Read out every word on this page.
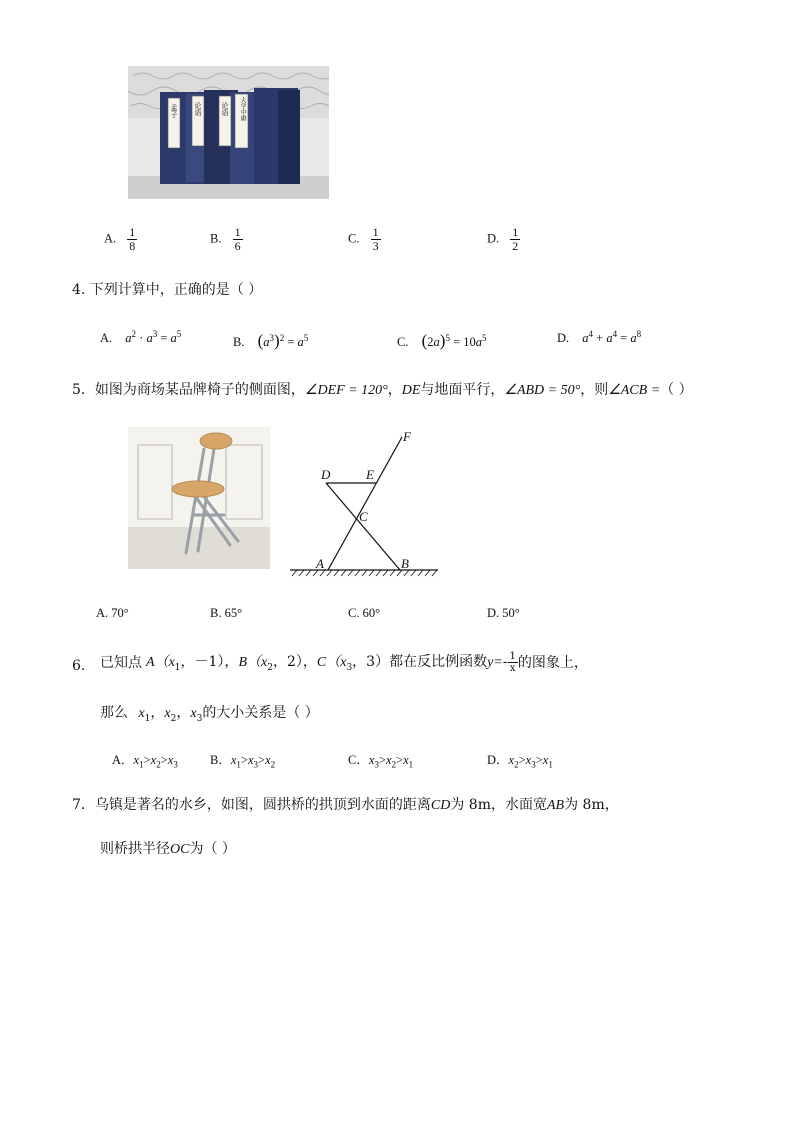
孟子 论语	论语	大学中庸
A. $\frac{1}{8}$	B. $\frac{1}{6}$	C. $\frac{1}{3}$	D. $\frac{1}{2}$
4. 下列计算中，正确的是（ ）
A. $a^2 \cdot a^3 = a^5$
B. $(a^3)^2 = a^5$	C. $(2a)^5 = 10a^5$	D. $a^4 + a^4 = a^8$
5．如图为商场某品牌椅子的侧面图，∠DEF = 120°，DE与地面平行，∠ABD = 50°，则∠ACB =（ ）
F
D	E
C
A	B
A. 70°	B. 65°	C. 60°	D. 50°
6. 已知点 $A(x_1$，－1），$B(x_2$，2），$C(x_3$，3）都在反比例函数$y=- \frac{1}{x}$ 的图象上，
那么 $x_1$，$x_2$，$x_3$的大小关系是（ ）
A．$x_1>x_2>x_3$	B．$x_1>x_3>x_2$	C．$x_3>x_2>x_1$	D．$x_2>x_3>x_1$
7．乌镇是著名的水乡，如图，圆拱桥的拱顶到水面的距离CD为 8m，水面宽AB为 8m，
则桥拱半径OC为（ ）
